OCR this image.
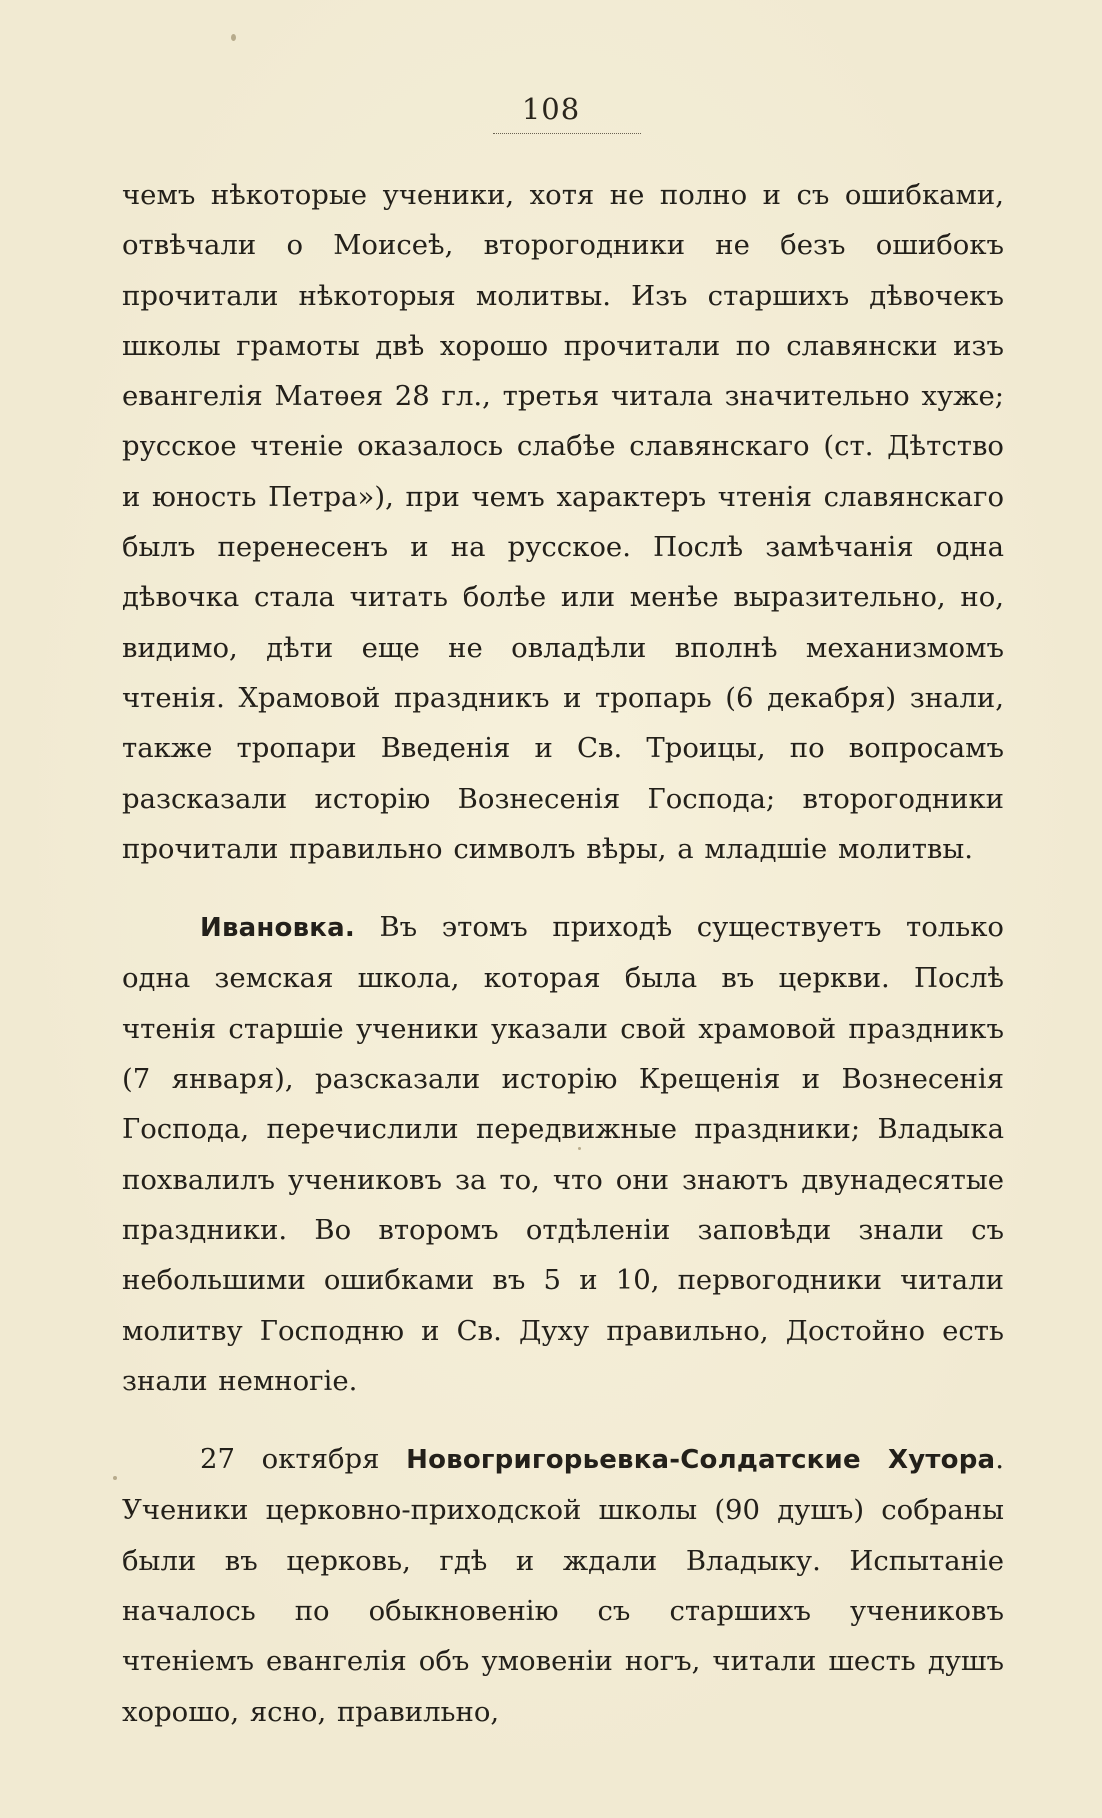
108

чемъ нѣкоторые ученики, хотя не полно и съ ошибками, отвѣчали о Моисеѣ, второгодники не безъ ошибокъ прочитали нѣкоторыя молитвы. Изъ старшихъ дѣвочекъ школы грамоты двѣ хорошо прочитали по славянски изъ евангелія Матѳея 28 гл., третья читала значительно хуже; русское чтеніе оказалось слабѣе славянскаго (ст. Дѣтство и юность Петра»), при чемъ характеръ чтенія славянскаго былъ перенесенъ и на русское. Послѣ замѣчанія одна дѣвочка стала читать болѣе или менѣе выразительно, но, видимо, дѣти еще не овладѣли вполнѣ механизмомъ чтенія. Храмовой праздникъ и тропарь (6 декабря) знали, также тропари Введенія и Св. Троицы, по вопросамъ разсказали исторію Вознесенія Господа; второгодники прочитали правильно символъ вѣры, а младшіе молитвы.

Ивановка. Въ этомъ приходѣ существуетъ только одна земская школа, которая была въ церкви. Послѣ чтенія старшіе ученики указали свой храмовой праздникъ (7 января), разсказали исторію Крещенія и Вознесенія Господа, перечислили передвижные праздники; Владыка похвалилъ учениковъ за то, что они знаютъ двунадесятые праздники. Во второмъ отдѣленіи заповѣди знали съ небольшими ошибками въ 5 и 10, первогодники читали молитву Господню и Св. Духу правильно, Достойно есть знали немногіе.

27 октября Новогригорьевка-Солдатские Хутора. Ученики церковно-приходской школы (90 душъ) собраны были въ церковь, гдѣ и ждали Владыку. Испытаніе началось по обыкновенію съ старшихъ учениковъ чтеніемъ евангелія объ умовеніи ногъ, читали шесть душъ хорошо, ясно, правильно,
